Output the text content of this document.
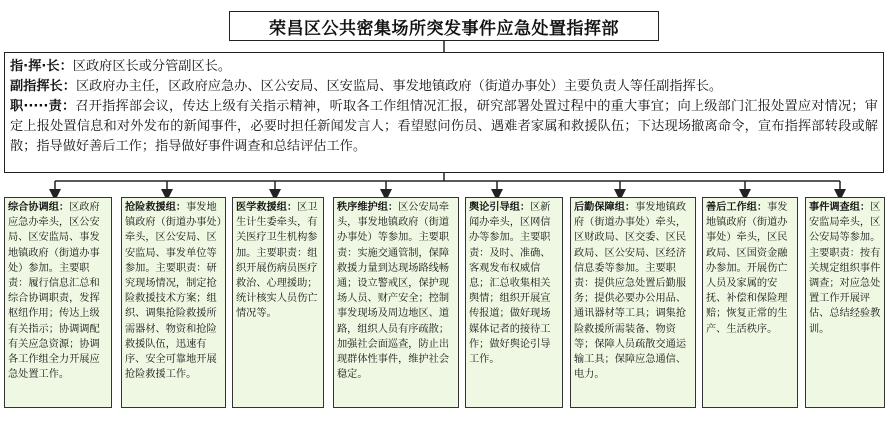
荣昌区公共密集场所突发事件应急处置指挥部

指·挥·长：区政府区长或分管副区长。

副指挥长：区政府办主任，区政府应急办、区公安局、区安监局、事发地镇政府（街道办事处）主要负责人等任副指挥长。

职·····责：召开指挥部会议，传达上级有关指示精神，听取各工作组情况汇报，研究部署处置过程中的重大事宜；向上级部门汇报处置应对情况；审定上报处置信息和对外发布的新闻事件，必要时担任新闻发言人；看望慰问伤员、遇难者家属和救援队伍；下达现场撤离命令，宣布指挥部转段或解散；指导做好善后工作；指导做好事件调查和总结评估工作。

综合协调组：区政府应急办牵头，区公安局、区安监局、事发地镇政府（街道办事处）参加。主要职责：履行信息汇总和综合协调职责，发挥枢纽作用；传达上级有关指示；协调调配有关应急资源；协调各工作组全力开展应急处置工作。
抢险救援组：事发地镇政府（街道办事处）牵头，区公安局、区安监局、事发单位等参加。主要职责：研究现场情况，制定抢险救援技术方案；组织、调集抢险救援所需器材、物资和抢险救援队伍，迅速有序、安全可靠地开展抢险救援工作。
医学救援组：区卫生计生委牵头，有关医疗卫生机构参加。主要职责：组织开展伤病员医疗救治、心理援助；统计核实人员伤亡情况等。
秩序维护组：区公安局牵头，事发地镇政府（街道办事处）等参加。主要职责：实施交通管制，保障救援力量到达现场路线畅通；设立警戒区，保护现场人员、财产安全；控制事发现场及周边地区、道路，组织人员有序疏散；加强社会面巡查，防止出现群体性事件，维护社会稳定。
舆论引导组：区新闻办牵头，区网信办等参加。主要职责：及时、准确、客观发布权威信息；汇总收集相关舆情；组织开展宣传报道；做好现场媒体记者的接待工作；做好舆论引导工作。
后勤保障组：事发地镇政府（街道办事处）牵头，区财政局、区交委、区民政局、区公安局、区经济信息委等参加。主要职责：提供应急处置后勤服务；提供必要办公用品、通讯器材等工具；调集抢险救援所需装备、物资等；保障人员疏散交通运输工具；保障应急通信、电力。
善后工作组：事发地镇政府（街道办事处）牵头，区民政局、区国资金融办参加。开展伤亡人员及家属的安抚、补偿和保险理赔；恢复正常的生产、生活秩序。
事件调查组：区安监局牵头，区公安局等参加。主要职责：按有关规定组织事件调查；对应急处置工作开展评估、总结经验教训。
